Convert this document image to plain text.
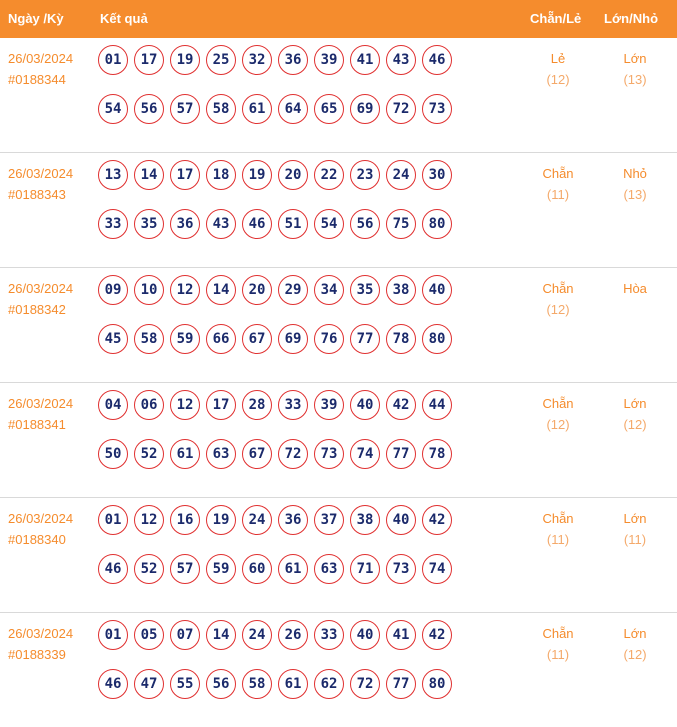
Ngày /Kỳ	Kết quả	Chẵn/Lẻ Lớn/Nhỏ
26/03/2024
#0188344
01	17	19	25	32	36	39	41	43	46
54	56	57	58	61	64	65	69	72	73
Lẻ
(12)
Lớn
(13)
26/03/2024
#0188343
13	14	17	18	19	20	22	23	24	30
33	35	36	43	46	51	54	56	75	80
Chẵn
(11)
Nhỏ
(13)
26/03/2024
#0188342
09	10	12	14	20	29	34	35	38	40
45	58	59	66	67	69	76	77	78	80
Chẵn
(12)
Hòa
26/03/2024
#0188341
04	06	12	17	28	33	39	40	42	44
50	52	61	63	67	72	73	74	77	78
Chẵn
(12)
Lớn
(12)
26/03/2024
#0188340
01	12	16	19	24	36	37	38	40	42
46	52	57	59	60	61	63	71	73	74
Chẵn
(11)
Lớn
(11)
26/03/2024
#0188339
01	05	07	14	24	26	33	40	41	42
46	47	55	56	58	61	62	72	77	80
Chẵn
(11)
Lớn
(12)
